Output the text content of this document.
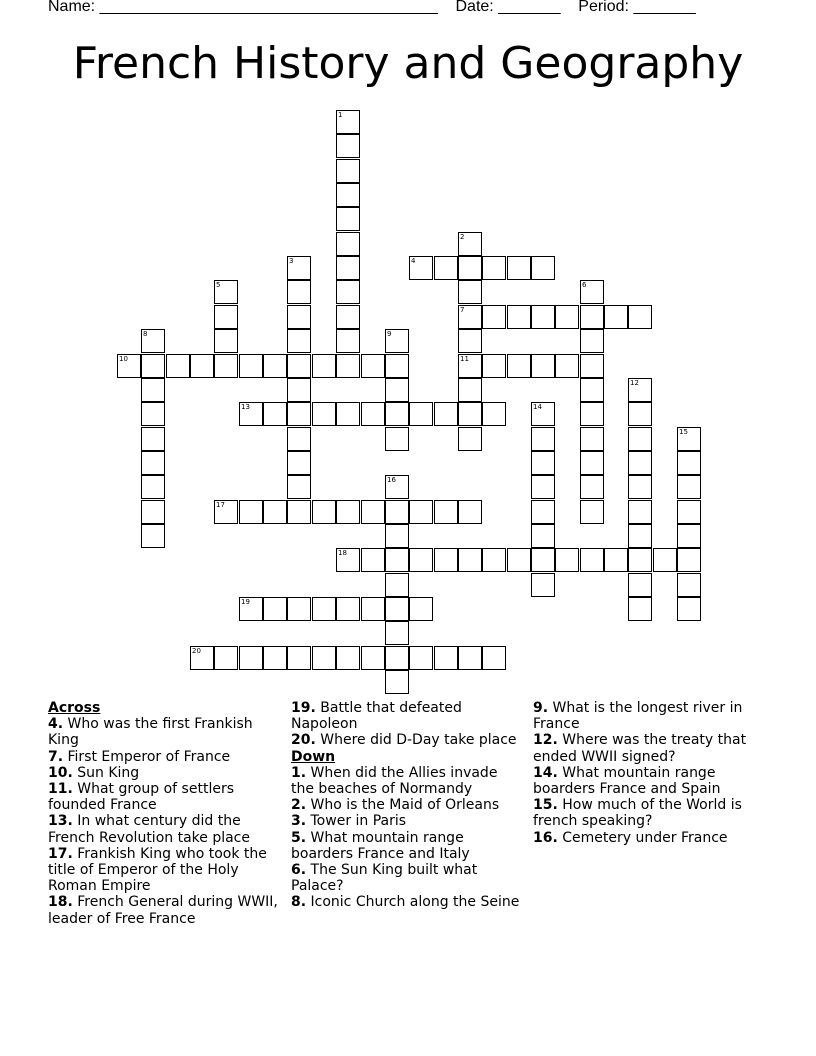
Name: ______________________________________ Date: _______ Period: _______
French History and Geography
1
2
7
11
3	4
5	6
8	9
10
12
13	14
15
16
17
18
19
20
Across
4. Who was the first Frankish King
7. First Emperor of France
10. Sun King
11. What group of settlers founded France
13. In what century did the French Revolution take place
17. Frankish King who took the title of Emperor of the Holy Roman Empire
18. French General during WWII, leader of Free France
19. Battle that defeated Napoleon
20. Where did D-Day take place
Down
1. When did the Allies invade the beaches of Normandy
2. Who is the Maid of Orleans
3. Tower in Paris
5. What mountain range boarders France and Italy
6. The Sun King built what Palace?
8. Iconic Church along the Seine
9. What is the longest river in France
12. Where was the treaty that ended WWII signed?
14. What mountain range boarders France and Spain
15. How much of the World is french speaking?
16. Cemetery under France
